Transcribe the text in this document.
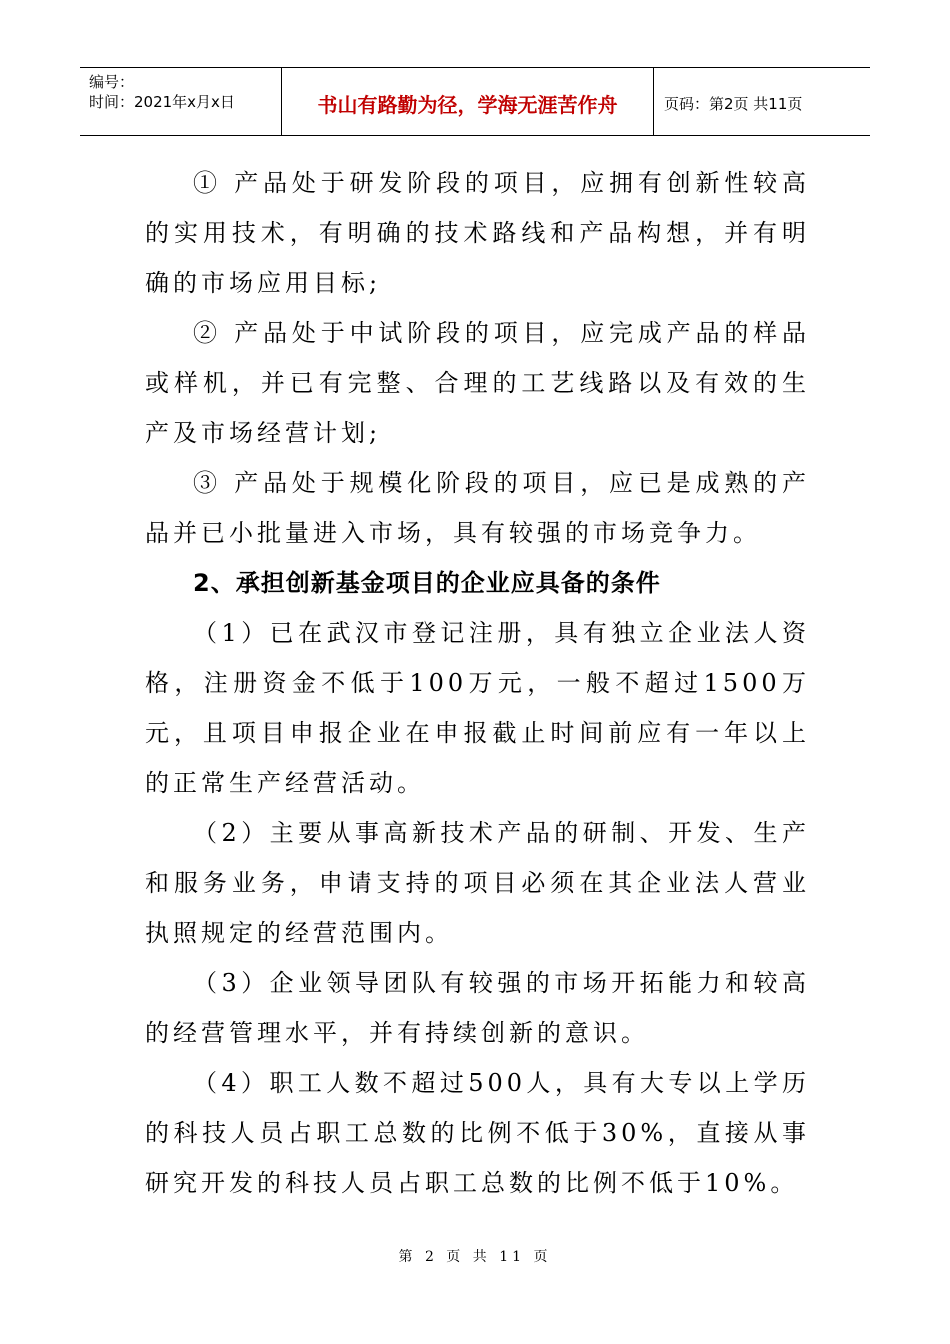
编号：
时间：2021年x月x日	书山有路勤为径，学海无涯苦作舟	页码：第2页 共11页

① 产品处于研发阶段的项目，应拥有创新性较高的实用技术，有明确的技术路线和产品构想，并有明确的市场应用目标;

② 产品处于中试阶段的项目，应完成产品的样品或样机，并已有完整、合理的工艺线路以及有效的生产及市场经营计划;

③ 产品处于规模化阶段的项目，应已是成熟的产品并已小批量进入市场，具有较强的市场竞争力。

2、承担创新基金项目的企业应具备的条件

（1）已在武汉市登记注册，具有独立企业法人资格，注册资金不低于100万元，一般不超过1500万元，且项目申报企业在申报截止时间前应有一年以上的正常生产经营活动。

（2）主要从事高新技术产品的研制、开发、生产和服务业务，申请支持的项目必须在其企业法人营业执照规定的经营范围内。

（3）企业领导团队有较强的市场开拓能力和较高的经营管理水平，并有持续创新的意识。

（4）职工人数不超过500人，具有大专以上学历的科技人员占职工总数的比例不低于30%，直接从事研究开发的科技人员占职工总数的比例不低于10%。

第 2 页 共 11 页
